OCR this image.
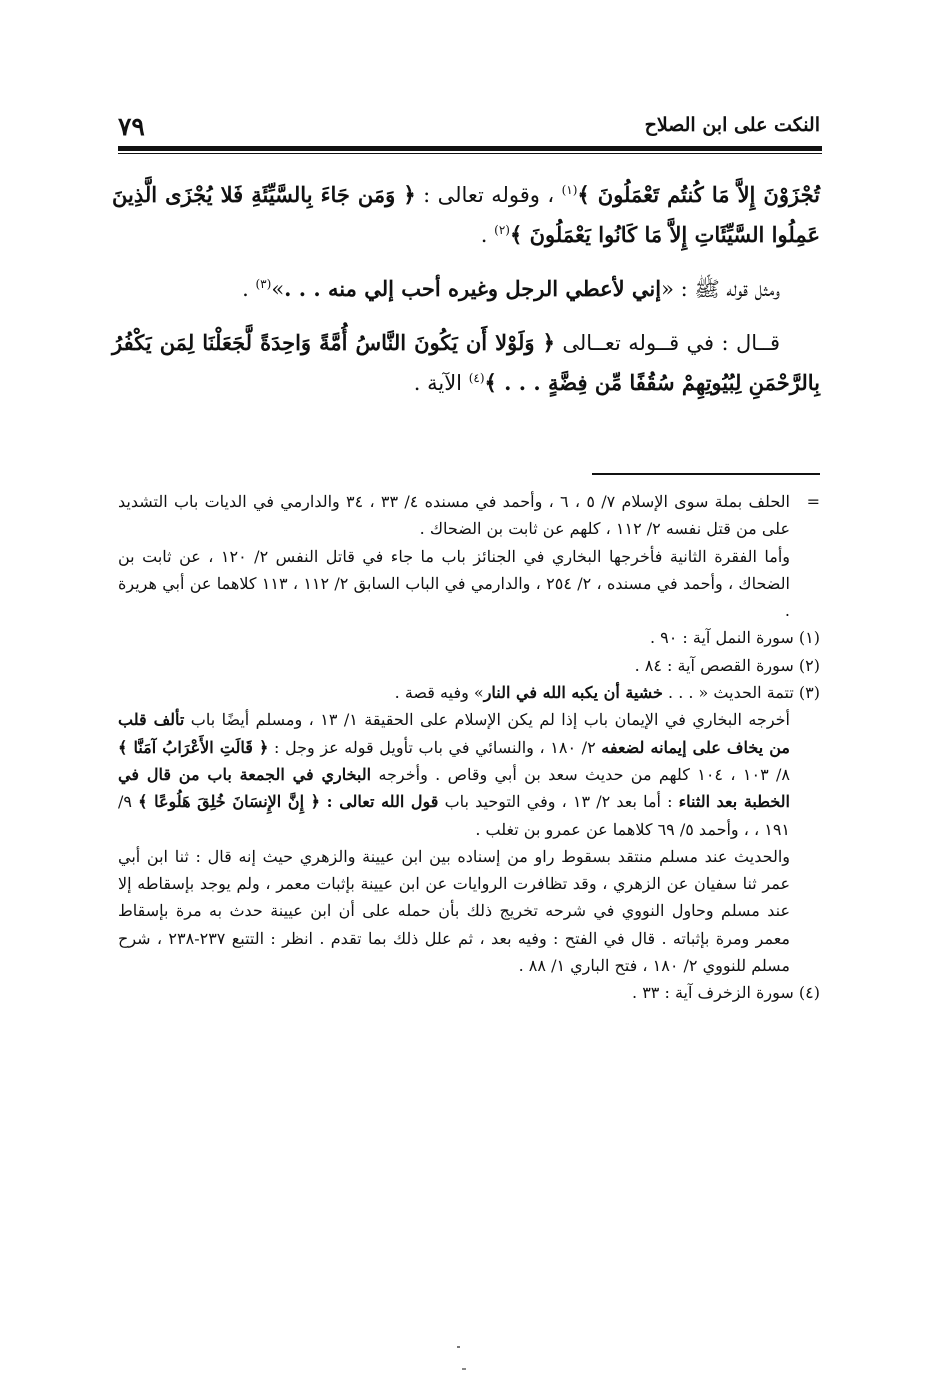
النكت على ابن الصلاح
٧٩

تُجْزَوْنَ إِلاَّ مَا كُنتُم تَعْمَلُونَ ﴾$^{(١)}$ ، وقوله تعالى : ﴿ وَمَن جَاءَ بِالسَّيِّئَةِ فَلا يُجْزَى الَّذِينَ عَمِلُوا السَّيِّئَاتِ إِلاَّ مَا كَانُوا يَعْمَلُونَ ﴾$^{(٢)}$ .

ومثل قوله ﷺ : «إني لأعطي الرجل وغيره أحب إلي منه . . .»$^{(٣)}$ .

قــال : في قــوله تعــالى ﴿ وَلَوْلا أَن يَكُونَ النَّاسُ أُمَّةً وَاحِدَةً لَّجَعَلْنَا لِمَن يَكْفُرُ بِالرَّحْمَنِ لِبُيُوتِهِمْ سُقُفًا مِّن فِضَّةٍ . . . ﴾$^{(٤)}$ الآية .

=

الحلف بملة سوى الإسلام ٧/ ٥ ، ٦ ، وأحمد في مسنده ٤/ ٣٣ ، ٣٤ والدارمي في الديات باب التشديد على من قتل نفسه ٢/ ١١٢ ، كلهم عن ثابت بن الضحاك .

وأما الفقرة الثانية فأخرجها البخاري في الجنائز باب ما جاء في قاتل النفس ٢/ ١٢٠ ، عن ثابت بن الضحاك ، وأحمد في مسنده ، ٢/ ٢٥٤ ، والدارمي في الباب السابق ٢/ ١١٢ ، ١١٣ كلاهما عن أبي هريرة .

(١) سورة النمل آية : ٩٠ .

(٢) سورة القصص آية : ٨٤ .

(٣) تتمة الحديث « . . . خشية أن يكبه الله في النار» وفيه قصة .

أخرجه البخاري في الإيمان باب إذا لم يكن الإسلام على الحقيقة ١/ ١٣ ، ومسلم أيضًا باب تألف قلب من يخاف على إيمانه لضعفه ٢/ ١٨٠ ، والنسائي في باب تأويل قوله عز وجل : ﴿ قَالَتِ الأَعْرَابُ آمَنَّا ﴾ ٨/ ١٠٣ ، ١٠٤ كلهم من حديث سعد بن أبي وقاص . وأخرجه البخاري في الجمعة باب من قال في الخطبة بعد الثناء : أما بعد ٢/ ١٣ ، وفي التوحيد باب قول الله تعالى : ﴿ إِنَّ الإِنسَانَ خُلِقَ هَلُوعًا ﴾ ٩/ ١٩١ ، ، وأحمد ٥/ ٦٩ كلاهما عن عمرو بن تغلب .

والحديث عند مسلم منتقد بسقوط راو من إسناده بين ابن عيينة والزهري حيث إنه قال : ثنا ابن أبي عمر ثنا سفيان عن الزهري ، وقد تظافرت الروايات عن ابن عيينة بإثبات معمر ، ولم يوجد بإسقاطه إلا عند مسلم وحاول النووي في شرحه تخريج ذلك بأن حمله على أن ابن عيينة حدث به مرة بإسقاط معمر ومرة بإثباته . قال في الفتح : وفيه بعد ، ثم علل ذلك بما تقدم . انظر : التتبع ٢٣٧-٢٣٨ ، شرح مسلم للنووي ٢/ ١٨٠ ، فتح الباري ١/ ٨٨ .

(٤) سورة الزخرف آية : ٣٣ .
